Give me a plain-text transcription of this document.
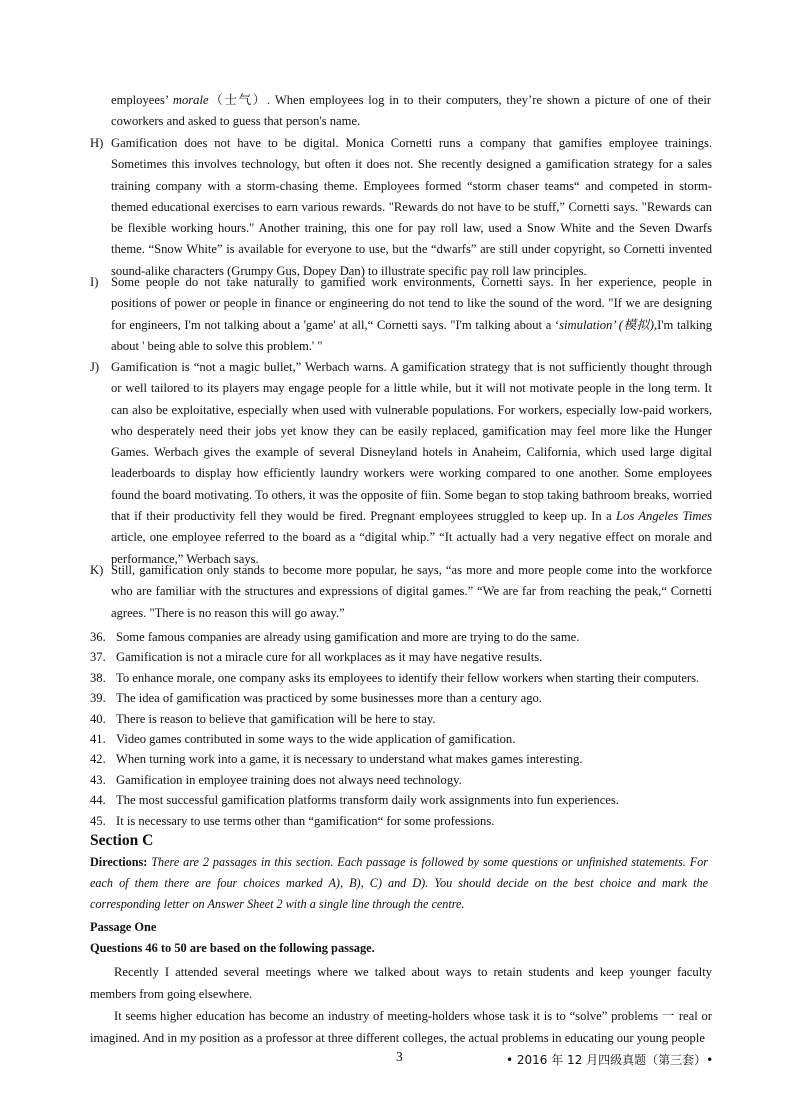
employees’ morale（士气）. When employees log in to their computers, they’re shown a picture of one of their coworkers and asked to guess that person's name.

H) Gamification does not have to be digital. Monica Cornetti runs a company that gamifies employee trainings. Sometimes this involves technology, but often it does not. She recently designed a gamification strategy for a sales training company with a storm-chasing theme. Employees formed “storm chaser teams“ and competed in storm-themed educational exercises to earn various rewards. "Rewards do not have to be stuff,” Cornetti says. "Rewards can be flexible working hours." Another training, this one for pay roll law, used a Snow White and the Seven Dwarfs theme. “Snow White” is available for everyone to use, but the “dwarfs” are still under copyright, so Cornetti invented sound-alike characters (Grumpy Gus, Dopey Dan) to illustrate specific pay roll law principles.

I)	Some people do not take naturally to gamified work environments, Cornetti says. In her experience, people in positions of power or people in finance or engineering do not tend to like the sound of the word. "If we are designing for engineers, I'm not talking about a 'game' at all,“ Cornetti says. "I'm talking about a ‘simulation’ (模拟),I'm talking about ' being able to solve this problem.' "

J) Gamification is “not a magic bullet,” Werbach warns. A gamification strategy that is not sufficiently thought through or well tailored to its players may engage people for a little while, but it will not motivate people in the long term. It can also be exploitative, especially when used with vulnerable populations. For workers, especially low-paid workers, who desperately need their jobs yet know they can be easily replaced, gamification may feel more like the Hunger Games. Werbach gives the example of several Disneyland hotels in Anaheim, California, which used large digital leaderboards to display how efficiently laundry workers were working compared to one another. Some employees found the board motivating. To others, it was the opposite of fiin. Some began to stop taking bathroom breaks, worried that if their productivity fell they would be fired. Pregnant employees struggled to keep up. In a Los Angeles Times article, one employee referred to the board as a “digital whip.” “It actually had a very negative effect on morale and performance,” Werbach says.

K) Still, gamification only stands to become more popular, he says, “as more and more people come into the workforce who are familiar with the structures and expressions of digital games.” “We are far from reaching the peak,“ Cornetti agrees. "There is no reason this will go away.”

36. Some famous companies are already using gamification and more are trying to do the same.
37. Gamification is not a miracle cure for all workplaces as it may have negative results.
38. To enhance morale, one company asks its employees to identify their fellow workers when starting their computers.
39. The idea of gamification was practiced by some businesses more than a century ago.
40. There is reason to believe that gamification will be here to stay.
41. Video games contributed in some ways to the wide application of gamification.
42. When turning work into a game, it is necessary to understand what makes games interesting.
43. Gamification in employee training does not always need technology.
44. The most successful gamification platforms transform daily work assignments into fun experiences.
45. It is necessary to use terms other than “gamification“ for some professions.
Section C

Directions: There are 2 passages in this section. Each passage is followed by some questions or unfinished statements. For each of them there are four choices marked A), B), C) and D). You should decide on the best choice and mark the corresponding letter on Answer Sheet 2 with a single line through the centre.

Passage One

Questions 46 to 50 are based on the following passage.

Recently I attended several meetings where we talked about ways to retain students and keep younger faculty members from going elsewhere.

It seems higher education has become an industry of meeting-holders whose task it is to “solve” problems 一 real or imagined. And in my position as a professor at three different colleges, the actual problems in educating our young people

3	• 2016 年 12 月四级真题（第三套）•
